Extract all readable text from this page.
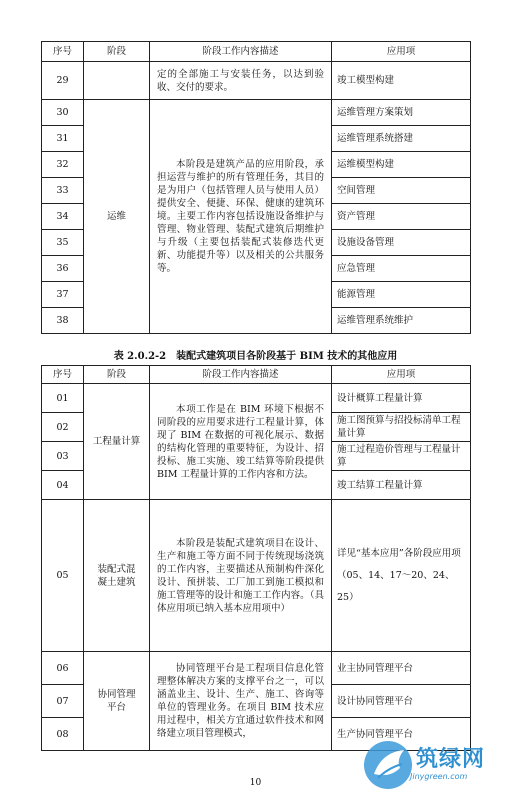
序号	阶段	阶段工作内容描述	应用项
29		定的全部施工与安装任务，以达到验收、交付的要求。	竣工模型构建
30	运维	本阶段是建筑产品的应用阶段，承担运营与维护的所有管理任务，其目的是为用户（包括管理人员与使用人员）提供安全、便捷、环保、健康的建筑环境。主要工作内容包括设施设备维护与管理、物业管理、装配式建筑后期维护与升级（主要包括装配式装修迭代更新、功能提升等）以及相关的公共服务等。	运维管理方案策划
31			运维管理系统搭建
32			运维模型构建
33			空间管理
34			资产管理
35			设施设备管理
36			应急管理
37			能源管理
38			运维管理系统维护
表 2.0.2-2　装配式建筑项目各阶段基于 BIM 技术的其他应用
序号	阶段	阶段工作内容描述	应用项
01	工程量计算	本项工作是在 BIM 环境下根据不同阶段的应用要求进行工程量计算，体现了 BIM 在数据的可视化展示、数据的结构化管理的重要特征，为设计、招投标、施工实施、竣工结算等阶段提供 BIM 工程量计算的工作内容和方法。	设计概算工程量计算
02			施工图预算与招投标清单工程量计算
03			施工过程造价管理与工程量计算
04			竣工结算工程量计算
05	装配式混凝土建筑	本阶段是装配式建筑项目在设计、生产和施工等方面不同于传统现场浇筑的工作内容，主要描述从预制构件深化设计、预拼装、工厂加工到施工模拟和施工管理等的设计和施工工作内容。（具体应用项已纳入基本应用项中）	详见“基本应用”各阶段应用项（05、14、17～20、24、25）
06	协同管理平台	协同管理平台是工程项目信息化管理整体解决方案的支撑平台之一，可以涵盖业主、设计、生产、施工、咨询等单位的管理业务。在项目 BIM 技术应用过程中，相关方宜通过软件技术和网络建立项目管理模式，	业主协同管理平台
07			设计协同管理平台
08			生产协同管理平台
10
筑绿网
Jinygreen.com
